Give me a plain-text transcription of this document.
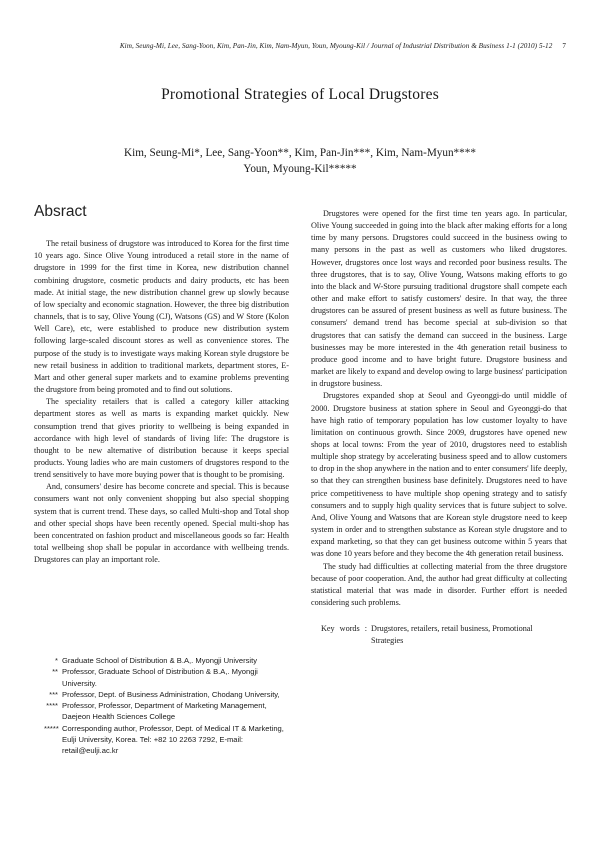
Kim, Seung-Mi, Lee, Sang-Yoon, Kim, Pan-Jin, Kim, Nam-Myun, Youn, Myoung-Kil / Journal of Industrial Distribution & Business 1-1 (2010) 5-12 7
Promotional Strategies of Local Drugstores
Kim, Seung-Mi*, Lee, Sang-Yoon**, Kim, Pan-Jin***, Kim, Nam-Myun****
Youn, Myoung-Kil*****
Absract

The retail business of drugstore was introduced to Korea for the first time 10 years ago. Since Olive Young introduced a retail store in the name of drugstore in 1999 for the first time in Korea, new distribution channel combining drugstore, cosmetic products and dairy products, etc has been made. At initial stage, the new distribution channel grew up slowly because of low specialty and economic stagnation. However, the three big distribution channels, that is to say, Olive Young (CJ), Watsons (GS) and W Store (Kolon Well Care), etc, were established to produce new distribution system following large-scaled discount stores as well as convenience stores. The purpose of the study is to investigate ways making Korean style drugstore be new retail business in addition to traditional markets, department stores, E-Mart and other general super markets and to examine problems preventing the drugstore from being promoted and to find out solutions.

The speciality retailers that is called a category killer attacking department stores as well as marts is expanding market quickly. New consumption trend that gives priority to wellbeing is being expanded in accordance with high level of standards of living life: The drugstore is thought to be new alternative of distribution because it keeps special products. Young ladies who are main customers of drugstores respond to the trend sensitively to have more buying power that is thought to be promising.

And, consumers' desire has become concrete and special. This is because consumers want not only convenient shopping but also special shopping system that is current trend. These days, so called Multi-shop and Total shop and other special shops have been recently opened. Special multi-shop has been concentrated on fashion product and miscellaneous goods so far: Health total wellbeing shop shall be popular in accordance with wellbeing trends. Drugstores can play an important role.

* Graduate School of Distribution & B.A,. Myongji University
** Professor, Graduate School of Distribution & B.A,. Myongji University.
*** Professor, Dept. of Business Administration, Chodang University,
**** Professor, Professor, Department of Marketing Management, Daejeon Health Sciences College
***** Corresponding author, Professor, Dept. of Medical IT & Marketing, Eulji University, Korea. Tel: +82 10 2263 7292, E-mail: retail@eulji.ac.kr

Drugstores were opened for the first time ten years ago. In particular, Olive Young succeeded in going into the black after making efforts for a long time by many persons. Drugstores could succeed in the business owing to many persons in the past as well as customers who liked drugstores. However, drugstores once lost ways and recorded poor business results. The three drugstores, that is to say, Olive Young, Watsons making efforts to go into the black and W-Store pursuing traditional drugstore shall compete each other and make effort to satisfy customers' desire. In that way, the three drugstores can be assured of present business as well as future business. The consumers' demand trend has become special at sub-division so that drugstores that can satisfy the demand can succeed in the business. Large businesses may be more interested in the 4th generation retail business to produce good income and to have bright future. Drugstore business and market are likely to expand and develop owing to large business' participation in drugstore business.

Drugstores expanded shop at Seoul and Gyeonggi-do until middle of 2000. Drugstore business at station sphere in Seoul and Gyeonggi-do that have high ratio of temporary population has low customer loyalty to have limitation on continuous growth. Since 2009, drugstores have opened new shops at local towns: From the year of 2010, drugstores need to establish multiple shop strategy by accelerating business speed and to allow customers to drop in the shop anywhere in the nation and to enter consumers' life deeply, so that they can strengthen business base definitely. Drugstores need to have price competitiveness to have multiple shop opening strategy and to satisfy consumers and to supply high quality services that is future subject to solve. And, Olive Young and Watsons that are Korean style drugstore need to keep system in order and to strengthen substance as Korean style drugstore and to expand marketing, so that they can get business outcome within 5 years that was done 10 years before and they become the 4th generation retail business.

The study had difficulties at collecting material from the three drugstore because of poor cooperation. And, the author had great difficulty at collecting statistical material that was made in disorder. Further effort is needed considering such problems.

Key words : Drugstores, retailers, retail business, Promotional Strategies
